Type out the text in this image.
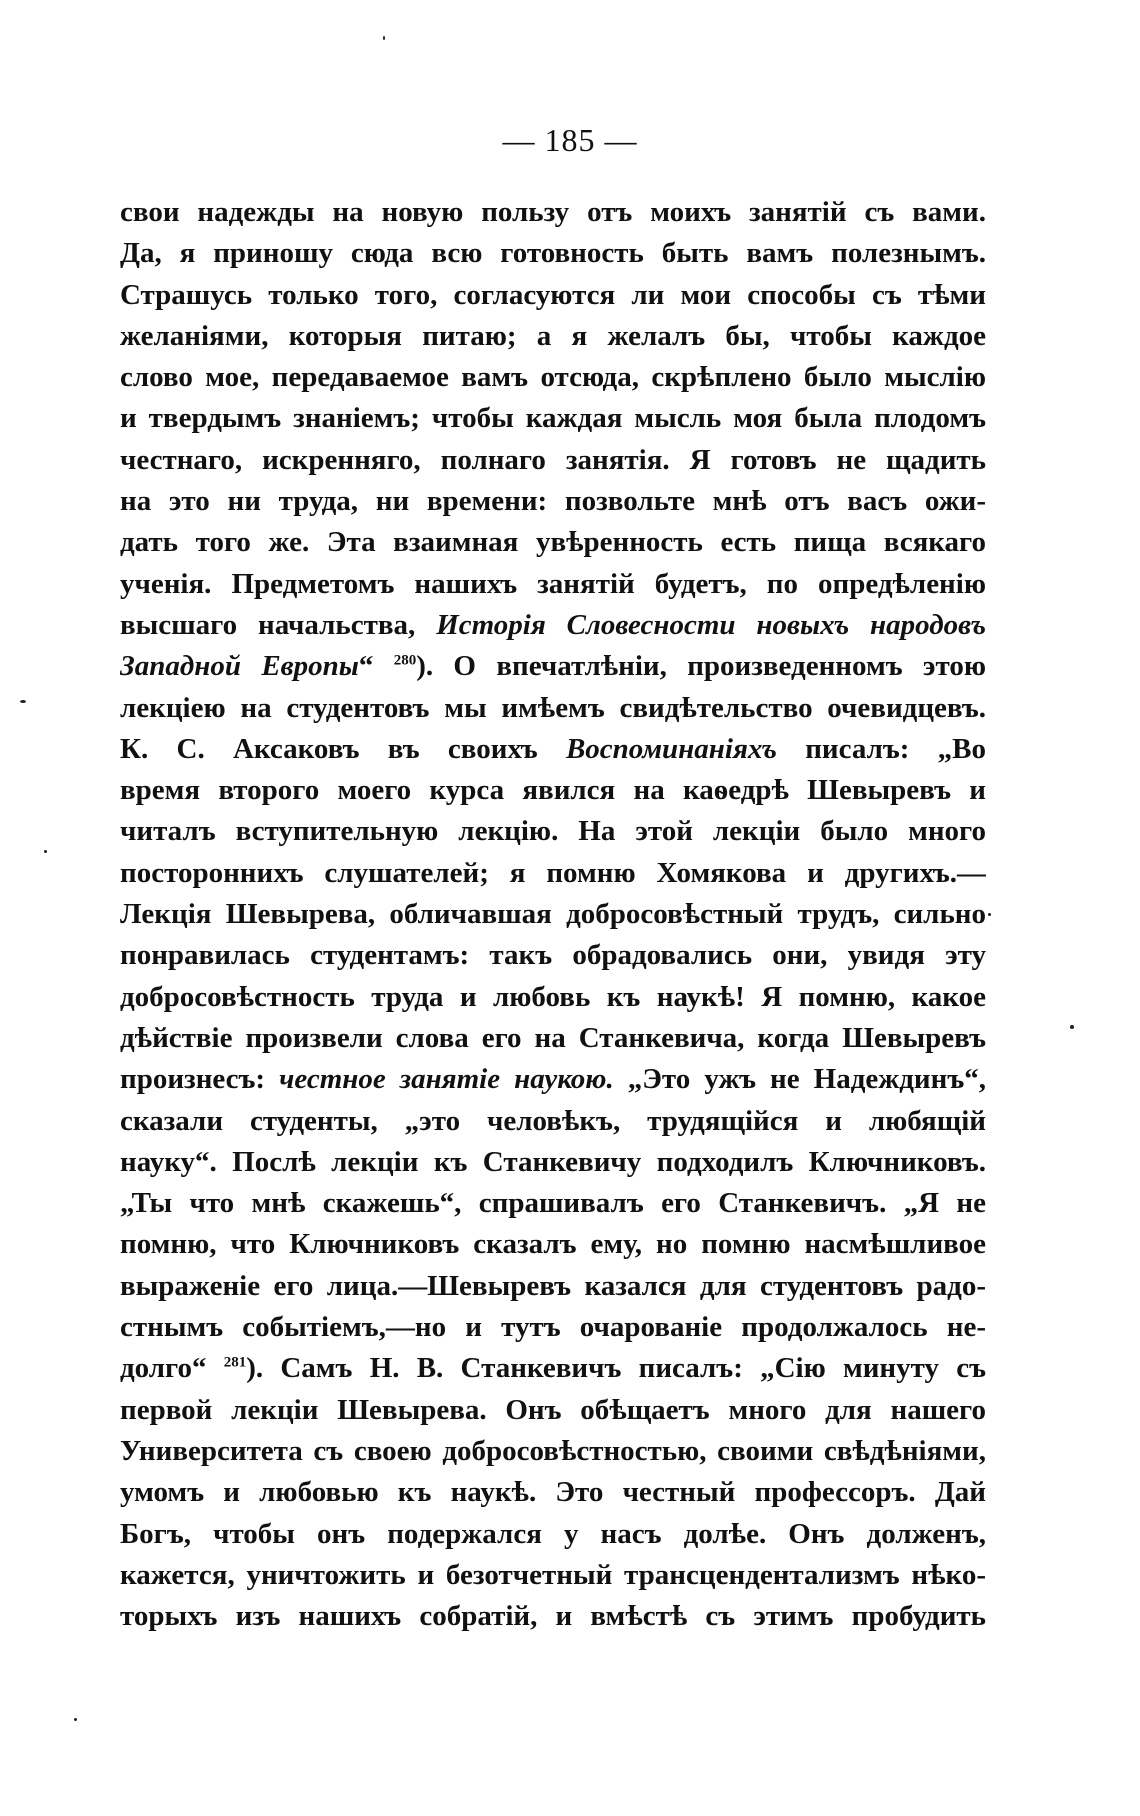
— 185 —
свои надежды на новую пользу отъ моихъ занятій съ вами.
Да, я приношу сюда всю готовность быть вамъ полезнымъ.
Страшусь только того, согласуются ли мои способы съ тѣми
желаніями, которыя питаю; а я желалъ бы, чтобы каждое
слово мое, передаваемое вамъ отсюда, скрѣплено было мыслію
и твердымъ знаніемъ; чтобы каждая мысль моя была плодомъ
честнаго, искренняго, полнаго занятія. Я готовъ не щадить
на это ни труда, ни времени: позвольте мнѣ отъ васъ ожи-
дать того же. Эта взаимная увѣренность есть пища всякаго
ученія. Предметомъ нашихъ занятій будетъ, по опредѣленію
высшаго начальства, Исторія Словесности новыхъ народовъ
Западной Европы“ $^{280}$). О впечатлѣніи, произведенномъ этою
лекціею на студентовъ мы имѣемъ свидѣтельство очевидцевъ.
К. С. Аксаковъ въ своихъ Воспоминаніяхъ писалъ: „Во
время второго моего курса явился на каѳедрѣ Шевыревъ и
читалъ вступительную лекцію. На этой лекціи было много
постороннихъ слушателей; я помню Хомякова и другихъ.—
Лекція Шевырева, обличавшая добросовѣстный трудъ, сильно
понравилась студентамъ: такъ обрадовались они, увидя эту
добросовѣстность труда и любовь къ наукѣ! Я помню, какое
дѣйствіе произвели слова его на Станкевича, когда Шевыревъ
произнесъ: честное занятіе наукою. „Это ужъ не Надеждинъ“,
сказали студенты, „это человѣкъ, трудящійся и любящій
науку“. Послѣ лекціи къ Станкевичу подходилъ Ключниковъ.
„Ты что мнѣ скажешь“, спрашивалъ его Станкевичъ. „Я не
помню, что Ключниковъ сказалъ ему, но помню насмѣшливое
выраженіе его лица.—Шевыревъ казался для студентовъ радо-
стнымъ событіемъ,—но и тутъ очарованіе продолжалось не-
долго“ $^{281}$). Самъ Н. В. Станкевичъ писалъ: „Сію минуту съ
первой лекціи Шевырева. Онъ обѣщаетъ много для нашего
Университета съ своею добросовѣстностью, своими свѣдѣніями,
умомъ и любовью къ наукѣ. Это честный профессоръ. Дай
Богъ, чтобы онъ подержался у насъ долѣе. Онъ долженъ,
кажется, уничтожить и безотчетный трансцендентализмъ нѣко-
торыхъ изъ нашихъ собратій, и вмѣстѣ съ этимъ пробудить
